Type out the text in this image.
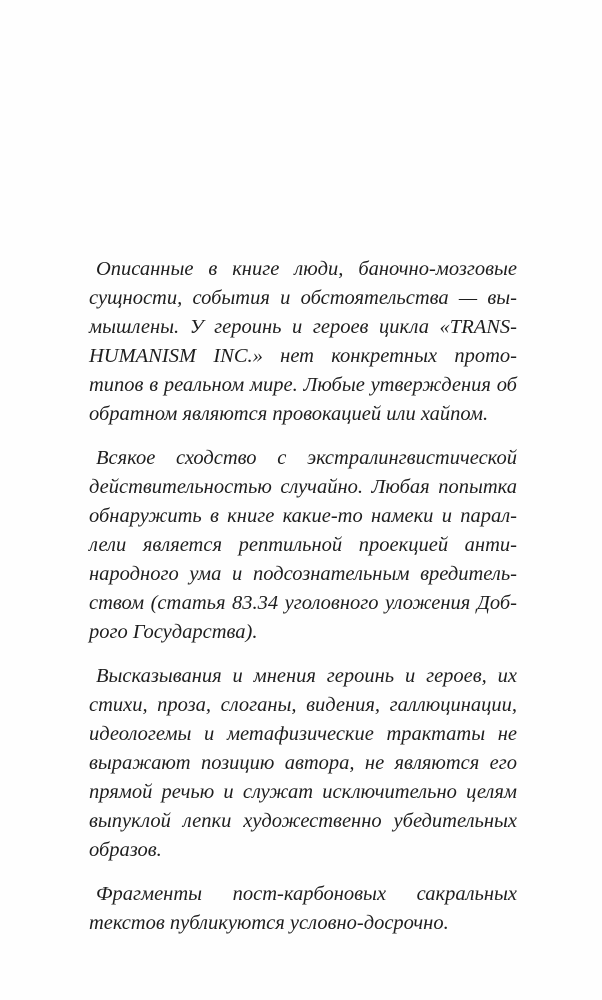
Описанные в книге люди, баночно-мозговые

сущности, события и обстоятельства — вы-

мышлены. У героинь и героев цикла «TRANS-

HUMANISM INC.» нет конкретных прото-

типов в реальном мире. Любые утверждения об

обратном являются провокацией или хайпом.

Всякое сходство с экстралингвистической

действительностью случайно. Любая попытка

обнаружить в книге какие-то намеки и парал-

лели является рептильной проекцией анти-

народного ума и подсознательным вредитель-

ством (статья 83.34 уголовного уложения Доб-

рого Государства).

Высказывания и мнения героинь и героев, их

стихи, проза, слоганы, видения, галлюцинации,

идеологемы и метафизические трактаты не

выражают позицию автора, не являются его

прямой речью и служат исключительно целям

выпуклой лепки художественно убедительных

образов.

Фрагменты пост-карбоновых сакральных

текстов публикуются условно-досрочно.
